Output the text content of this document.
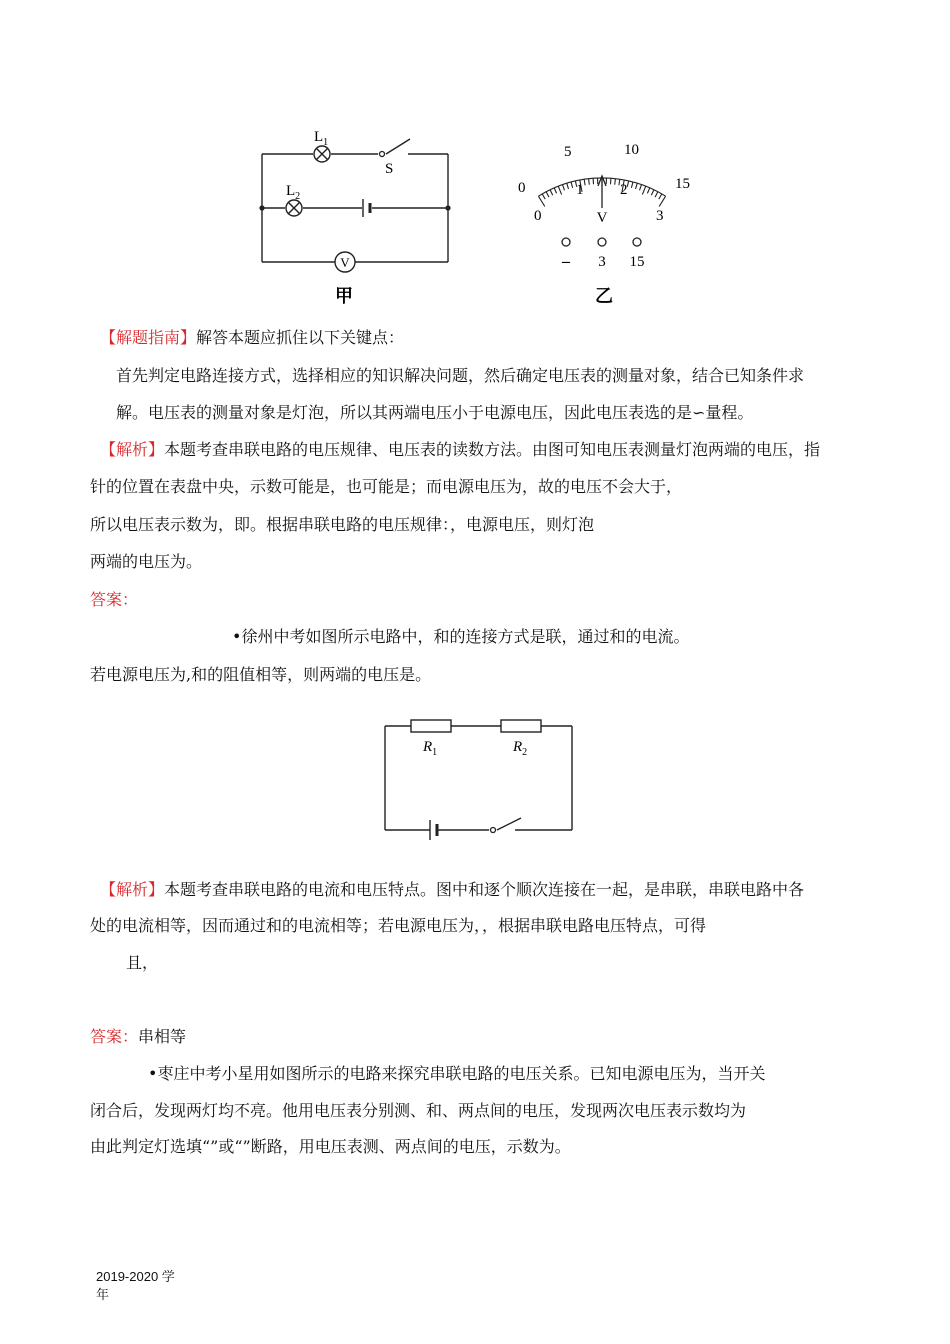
V
$L_1$
$L_2$
S
甲
0
5	10
15
0
1 2
3
V
– 3 15
乙
【解题指南】解答本题应抓住以下关键点：
首先判定电路连接方式，选择相应的知识解决问题，然后确定电压表的测量对象，结合已知条件求
解。电压表的测量对象是灯泡，所以其两端电压小于电源电压，因此电压表选的是∽量程。
【解析】本题考查串联电路的电压规律、电压表的读数方法。由图可知电压表测量灯泡两端的电压，指
针的位置在表盘中央，示数可能是，也可能是；而电源电压为，故的电压不会大于，
所以电压表示数为，即。根据串联电路的电压规律：，电源电压，则灯泡
两端的电压为。
答案：
•徐州中考如图所示电路中，和的连接方式是联，通过和的电流。
若电源电压为,和的阻值相等，则两端的电压是。
$R_1$	$R_2$
【解析】本题考查串联电路的电流和电压特点。图中和逐个顺次连接在一起，是串联，串联电路中各
处的电流相等，因而通过和的电流相等；若电源电压为，，根据串联电路电压特点，可得
且，
答案：串相等
•枣庄中考小星用如图所示的电路来探究串联电路的电压关系。已知电源电压为，当开关
闭合后，发现两灯均不亮。他用电压表分别测、和、两点间的电压，发现两次电压表示数均为
由此判定灯选填“”或“”断路，用电压表测、两点间的电压，示数为。
2019-2020 学
年
